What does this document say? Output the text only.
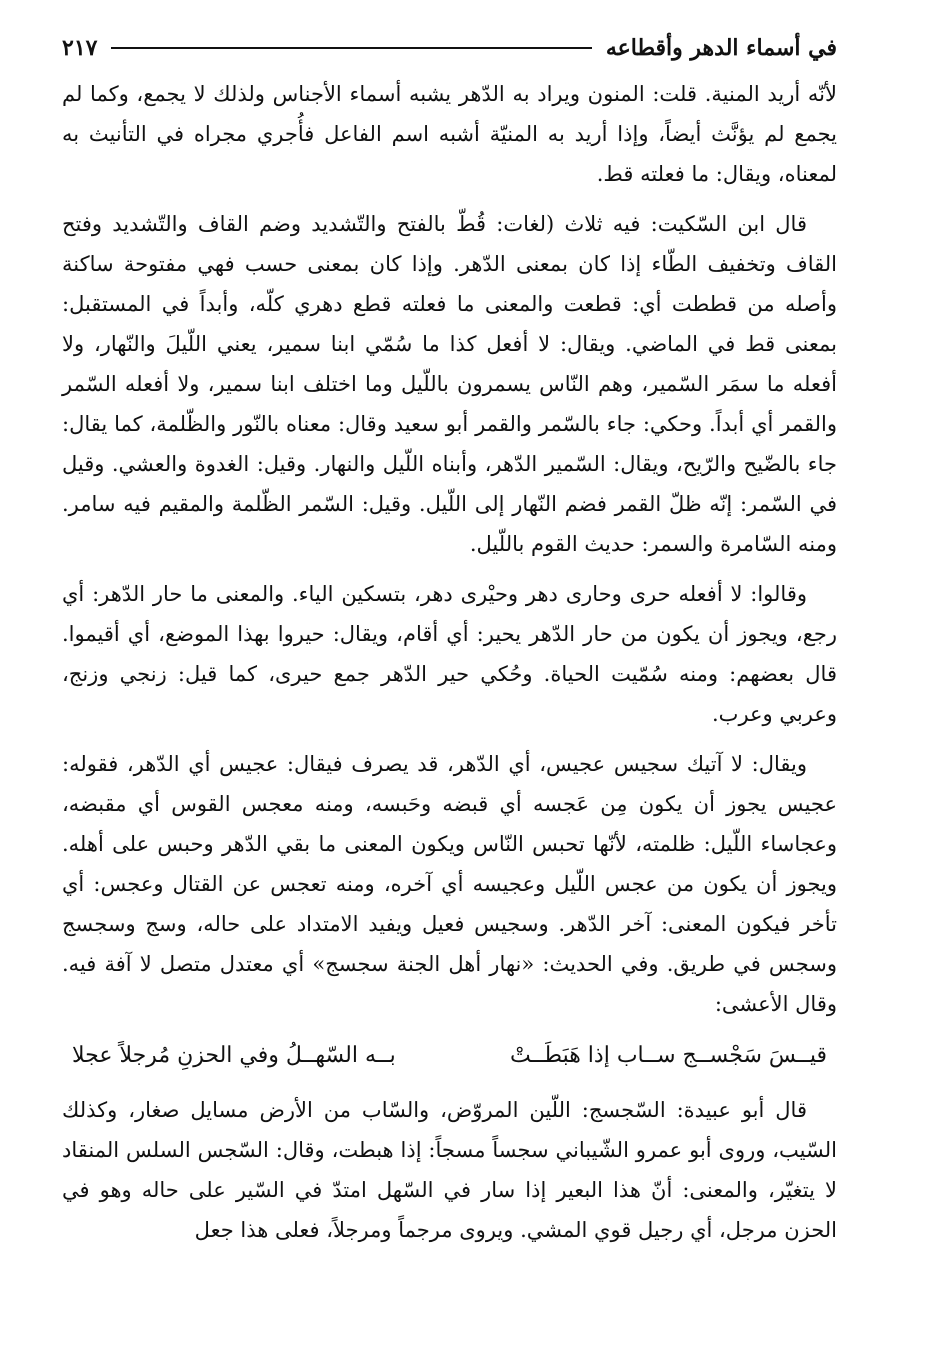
في أسماء الدهر وأقطاعه
٢١٧

لأنّه أريد المنية. قلت: المنون ويراد به الدّهر يشبه أسماء الأجناس ولذلك لا يجمع، وكما لم يجمع لم يؤنَّث أيضاً، وإذا أريد به المنيّة أشبه اسم الفاعل فأُجري مجراه في التأنيث به لمعناه، ويقال: ما فعلته قط.

قال ابن السّكيت: فيه ثلاث (لغات: قُطّ بالفتح والتّشديد وضم القاف والتّشديد وفتح القاف وتخفيف الطّاء إذا كان بمعنى الدّهر. وإذا كان بمعنى حسب فهي مفتوحة ساكنة وأصله من قططت أي: قطعت والمعنى ما فعلته قطع دهري كلّه، وأبداً في المستقبل: بمعنى قط في الماضي. ويقال: لا أفعل كذا ما سُمّي ابنا سمير، يعني اللّيلَ والنّهار، ولا أفعله ما سمَر السّمير، وهم النّاس يسمرون باللّيل وما اختلف ابنا سمير، ولا أفعله السّمر والقمر أي أبداً. وحكي: جاء بالسّمر والقمر أبو سعيد وقال: معناه بالنّور والظّلمة، كما يقال: جاء بالضّيح والرّيح، ويقال: السّمير الدّهر، وأبناه اللّيل والنهار. وقيل: الغدوة والعشي. وقيل في السّمر: إنّه ظلّ القمر فضم النّهار إلى اللّيل. وقيل: السّمر الظّلمة والمقيم فيه سامر. ومنه السّامرة والسمر: حديث القوم باللّيل.

وقالوا: لا أفعله حرى وحارى دهر وحيْرى دهر، بتسكين الياء. والمعنى ما حار الدّهر: أي رجع، ويجوز أن يكون من حار الدّهر يحير: أي أقام، ويقال: حيروا بهذا الموضع، أي أقيموا. قال بعضهم: ومنه سُمّيت الحياة. وحُكي حير الدّهر جمع حيرى، كما قيل: زنجي وزنج، وعربي وعرب.

ويقال: لا آتيك سجيس عجيس، أي الدّهر، قد يصرف فيقال: عجيس أي الدّهر، فقوله: عجيس يجوز أن يكون مِن عَجسه أي قبضه وحَبسه، ومنه معجس القوس أي مقبضه، وعجاساء اللّيل: ظلمته، لأنّها تحبس النّاس ويكون المعنى ما بقي الدّهر وحبس على أهله. ويجوز أن يكون من عجس اللّيل وعجيسه أي آخره، ومنه تعجس عن القتال وعجس: أي تأخر فيكون المعنى: آخر الدّهر. وسجيس فعيل ويفيد الامتداد على حاله، وسج وسجسج وسجس في طريق. وفي الحديث: «نهار أهل الجنة سجسج» أي معتدل متصل لا آفة فيه. وقال الأعشى:

قيــسَ سَجْســج ســاب إذا هَبَطَــتْ
بــه السّهــلُ وفي الحزنِ مُرجلاً عجلا

قال أبو عبيدة: السّجسج: اللّين المروّض، والسّاب من الأرض مسايل صغار، وكذلك السّيب، وروى أبو عمرو الشّيباني سجساً مسجاً: إذا هبطت، وقال: السّجس السلس المنقاد لا يتغيّر، والمعنى: أنّ هذا البعير إذا سار في السّهل امتدّ في السّير على حاله وهو في الحزن مرجل، أي رجيل قوي المشي. ويروى مرجماً ومرجلاً، فعلى هذا جعل
